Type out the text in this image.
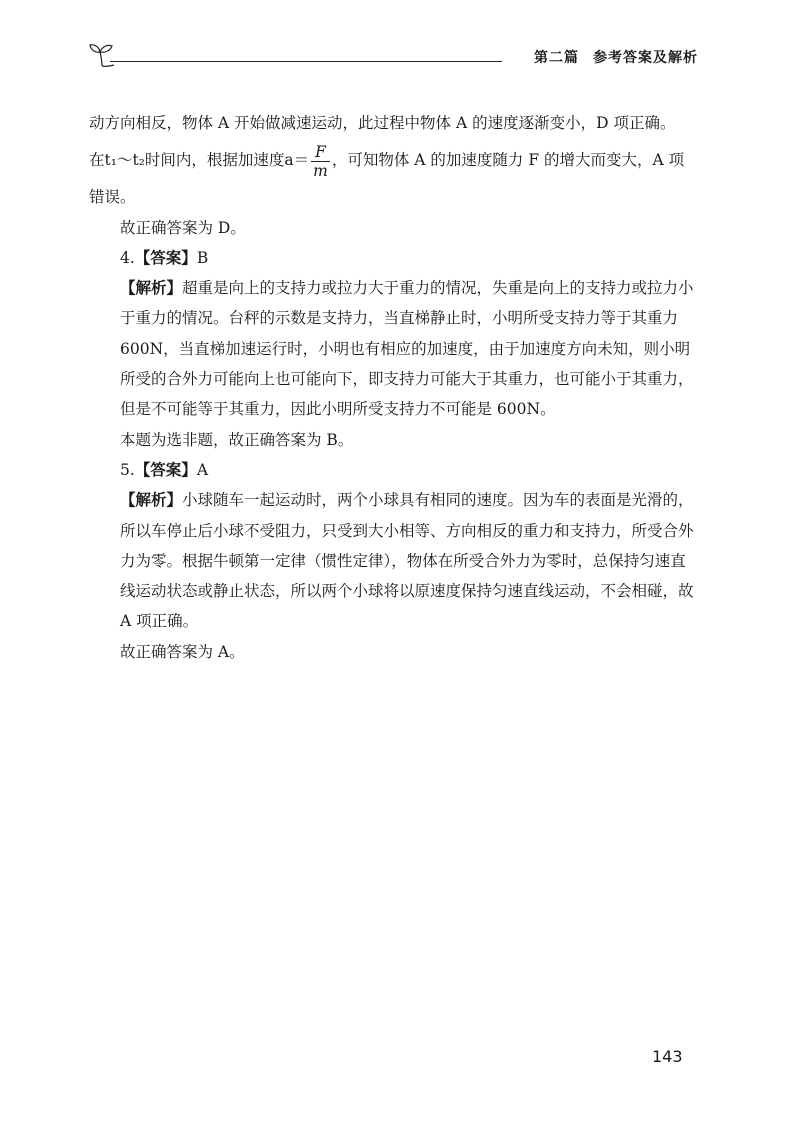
第二篇 参考答案及解析

动方向相反，物体 A 开始做减速运动，此过程中物体 A 的速度逐渐变小，D 项正确。

在t₁～t₂时间内，根据加速度$a= \frac{F}{m}$ ，可知物体 A 的加速度随力 F 的增大而变大，A 项

错误。

故正确答案为 D。

4.【答案】B

【解析】超重是向上的支持力或拉力大于重力的情况，失重是向上的支持力或拉力小于重力的情况。台秤的示数是支持力，当直梯静止时，小明所受支持力等于其重力 600N，当直梯加速运行时，小明也有相应的加速度，由于加速度方向未知，则小明所受的合外力可能向上也可能向下，即支持力可能大于其重力，也可能小于其重力，但是不可能等于其重力，因此小明所受支持力不可能是 600N。

本题为选非题，故正确答案为 B。

5.【答案】A

【解析】小球随车一起运动时，两个小球具有相同的速度。因为车的表面是光滑的，所以车停止后小球不受阻力，只受到大小相等、方向相反的重力和支持力，所受合外力为零。根据牛顿第一定律（惯性定律），物体在所受合外力为零时，总保持匀速直线运动状态或静止状态，所以两个小球将以原速度保持匀速直线运动，不会相碰，故 A 项正确。

故正确答案为 A。

143
